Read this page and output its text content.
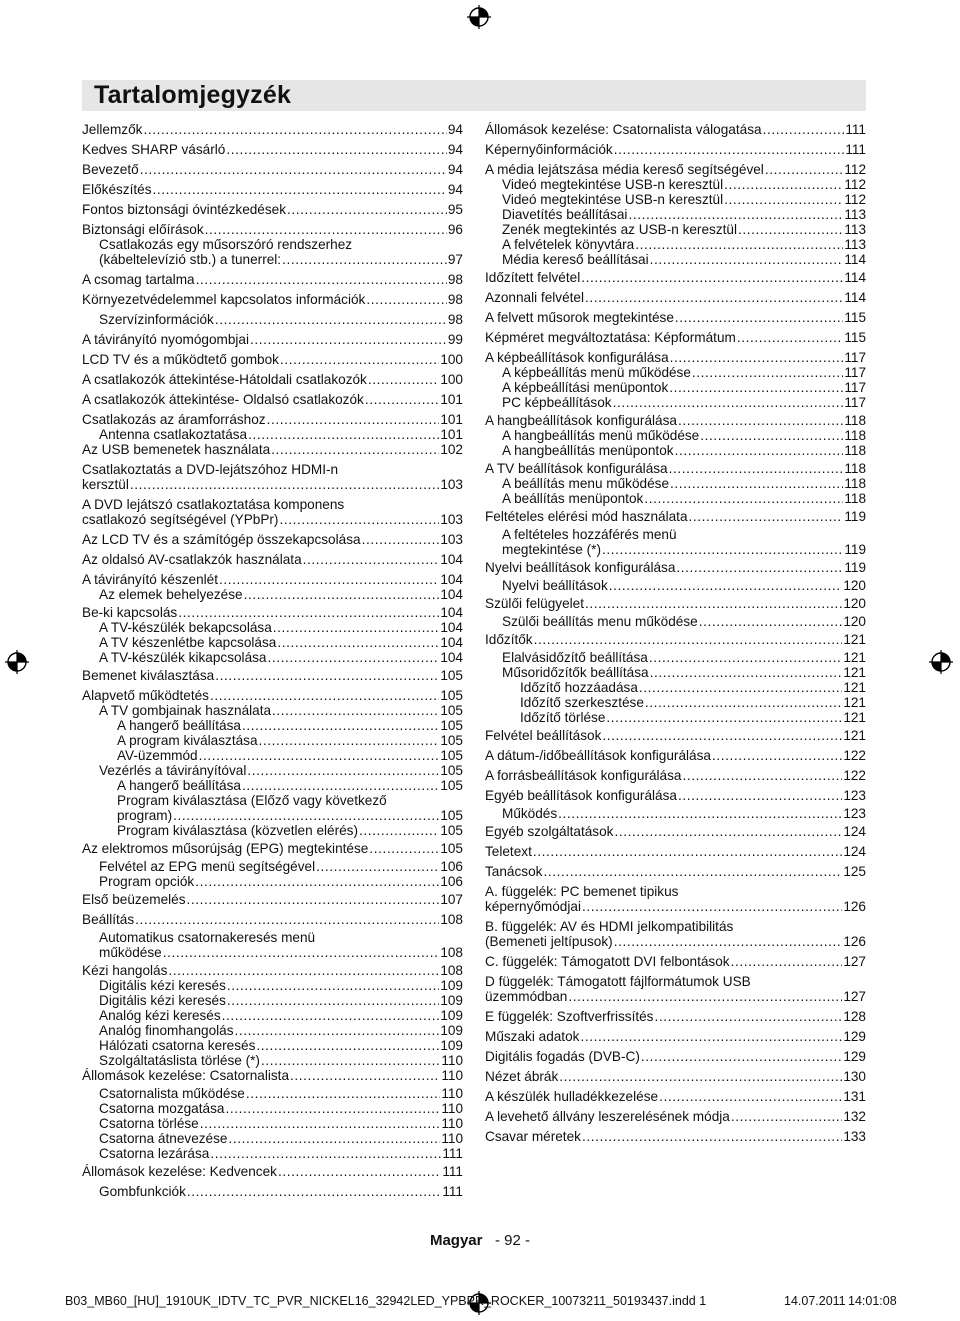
Tartalomjegyzék
Jellemzők .....	94
Kedves SHARP vásárló .....	94
Bevezető .....	94
Előkészítés .....	94
Fontos biztonsági óvintézkedések .....	95
Biztonsági előírások .....	96
Csatlakozás egy műsorszóró rendszerhez
(kábeltelevízió stb.) a tunerrel: .....	97
A csomag tartalma .....	98
Környezetvédelemmel kapcsolatos információk .....	98
Szervízinformációk .....	98
A távirányító nyomógombjai .....	99
LCD TV és a működtető gombok .....	100
A csatlakozók áttekintése-Hátoldali csatlakozók .....	100
A csatlakozók áttekintése- Oldalsó csatlakozók .....	101
Csatlakozás az áramforráshoz .....	101
Antenna csatlakoztatása .....	101
Az USB bemenetek használata .....	102
Csatlakoztatás a DVD-lejátszóhoz HDMI-n
kersztül .....	103
A DVD lejátszó csatlakoztatása komponens
csatlakozó segítségével (YPbPr) .....	103
Az LCD TV és a számítógép összekapcsolása .....	103
Az oldalsó AV-csatlakzók használata .....	104
A távirányító készenlét .....	104
Az elemek behelyezése .....	104
Be-ki kapcsolás .....	104
A TV-készülék bekapcsolása .....	104
A TV készenlétbe kapcsolása .....	104
A TV-készülék kikapcsolása .....	104
Bemenet kiválasztása .....	105
Alapvető működtetés .....	105
A TV gombjainak használata .....	105
A hangerő beállítása .....	105
A program kiválasztása .....	105
AV-üzemmód .....	105
Vezérlés a távirányítóval .....	105
A hangerő beállítása .....	105
Program kiválasztása (Előző vagy következő
program) .....	105
Program kiválasztása (közvetlen elérés) .....	105
Az elektromos műsorújság (EPG) megtekintése .....	105
Felvétel az EPG menü segítségével .....	106
Program opciók .....	106
Első beüzemelés .....	107
Beállítás .....	108
Automatikus csatornakeresés menü
működése .....	108
Kézi hangolás .....	108
Digitális kézi keresés .....	109
Digitális kézi keresés .....	109
Analóg kézi keresés .....	109
Analóg finomhangolás .....	109
Hálózati csatorna keresés .....	109
Szolgáltatáslista törlése (*) .....	110
Állomások kezelése: Csatornalista .....	110
Csatornalista működése .....	110
Csatorna mozgatása .....	110
Csatorna törlése .....	110
Csatorna átnevezése .....	110
Csatorna lezárása .....	111
Állomások kezelése: Kedvencek .....	111
Gombfunkciók .....	111
Állomások kezelése: Csatornalista válogatása .....	111
Képernyőinformációk .....	111
A média lejátszása média kereső segítségével .....	112
Videó megtekintése USB-n keresztül .....	112
Videó megtekintése USB-n keresztül .....	112
Diavetítés beállításai .....	113
Zenék megtekintés az USB-n keresztül .....	113
A felvételek könyvtára .....	113
Média kereső beállításai .....	114
Időzített felvétel .....	114
Azonnali felvétel .....	114
A felvett műsorok megtekintése .....	115
Képméret megváltoztatása: Képformátum .....	115
A képbeállítások konfigurálása .....	117
A képbeállítás menü működése .....	117
A képbeállítási menüpontok .....	117
PC képbeállítások .....	117
A hangbeállítások konfigurálása .....	118
A hangbeállítás menü működése .....	118
A hangbeállítás menüpontok .....	118
A TV beállítások konfigurálása .....	118
A beállítás menu működése .....	118
A beállítás menüpontok .....	118
Feltételes elérési mód használata .....	119
A feltételes hozzáférés menü
megtekintése (*) .....	119
Nyelvi beállítások konfigurálása .....	119
Nyelvi beállítások .....	120
Szülői felügyelet .....	120
Szülői beállítás menu működése .....	120
Időzítők .....	121
Elalvásidőzítő beállítása .....	121
Műsoridőzítők beállítása .....	121
Időzítő hozzáadása .....	121
Időzítő szerkesztése .....	121
Időzítő törlése .....	121
Felvétel beállítások .....	121
A dátum-/időbeállítások konfigurálása .....	122
A forrásbeállítások konfigurálása .....	122
Egyéb beállítások konfigurálása .....	123
Működés .....	123
Egyéb szolgáltatások .....	124
Teletext .....	124
Tanácsok .....	125
A. függelék: PC bemenet tipikus
képernyőmódjai .....	126
B. függelék: AV és HDMI jelkompatibilitás
(Bemeneti jeltípusok) .....	126
C. függelék: Támogatott DVI felbontások .....	127
D függelék: Támogatott fájlformátumok USB
üzemmódban .....	127
E függelék: Szoftverfrissítés .....	128
Műszaki adatok .....	129
Digitális fogadás (DVB-C) .....	129
Nézet ábrák .....	130
A készülék hulladékkezelése .....	131
A levehető állvány leszerelésének módja .....	132
Csavar méretek .....	133
Magyar - 92 -
B03_MB60_[HU]_1910UK_IDTV_TC_PVR_NICKEL16_32942LED_YPBPR_ROCKER_10073211_50193437.indd 1	14.07.2011 14:01:08
